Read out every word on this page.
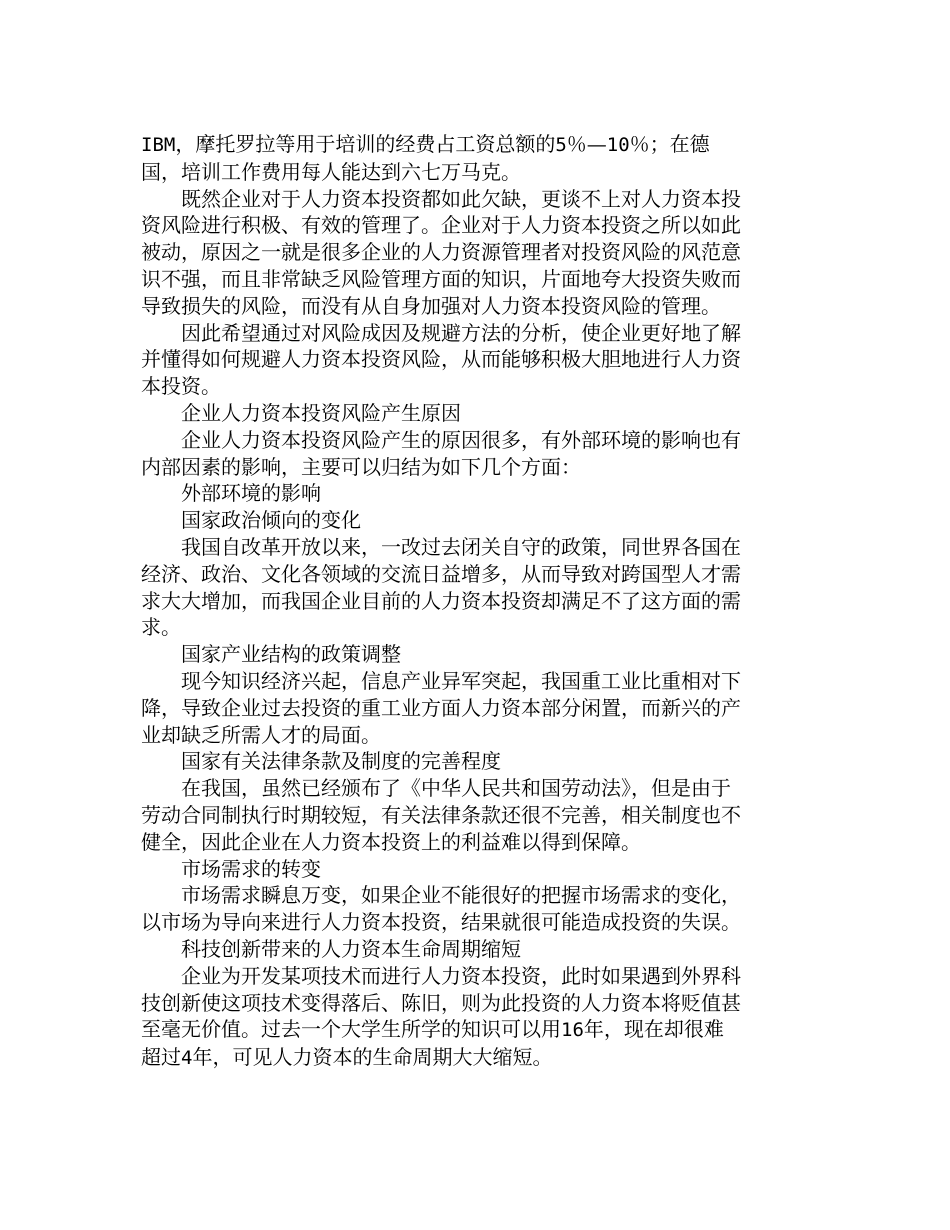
IBM，摩托罗拉等用于培训的经费占工资总额的5％—10％；在德国，培训工作费用每人能达到六七万马克。

既然企业对于人力资本投资都如此欠缺，更谈不上对人力资本投资风险进行积极、有效的管理了。企业对于人力资本投资之所以如此被动，原因之一就是很多企业的人力资源管理者对投资风险的风范意识不强，而且非常缺乏风险管理方面的知识，片面地夸大投资失败而导致损失的风险，而没有从自身加强对人力资本投资风险的管理。

因此希望通过对风险成因及规避方法的分析，使企业更好地了解并懂得如何规避人力资本投资风险，从而能够积极大胆地进行人力资本投资。

企业人力资本投资风险产生原因

企业人力资本投资风险产生的原因很多，有外部环境的影响也有内部因素的影响，主要可以归结为如下几个方面：

外部环境的影响

国家政治倾向的变化

我国自改革开放以来，一改过去闭关自守的政策，同世界各国在经济、政治、文化各领域的交流日益增多，从而导致对跨国型人才需求大大增加，而我国企业目前的人力资本投资却满足不了这方面的需求。

国家产业结构的政策调整

现今知识经济兴起，信息产业异军突起，我国重工业比重相对下降，导致企业过去投资的重工业方面人力资本部分闲置，而新兴的产业却缺乏所需人才的局面。

国家有关法律条款及制度的完善程度

在我国，虽然已经颁布了《中华人民共和国劳动法》，但是由于劳动合同制执行时期较短，有关法律条款还很不完善，相关制度也不健全，因此企业在人力资本投资上的利益难以得到保障。

市场需求的转变

市场需求瞬息万变，如果企业不能很好的把握市场需求的变化，以市场为导向来进行人力资本投资，结果就很可能造成投资的失误。

科技创新带来的人力资本生命周期缩短

企业为开发某项技术而进行人力资本投资，此时如果遇到外界科技创新使这项技术变得落后、陈旧，则为此投资的人力资本将贬值甚至毫无价值。过去一个大学生所学的知识可以用16年，现在却很难超过4年，可见人力资本的生命周期大大缩短。
